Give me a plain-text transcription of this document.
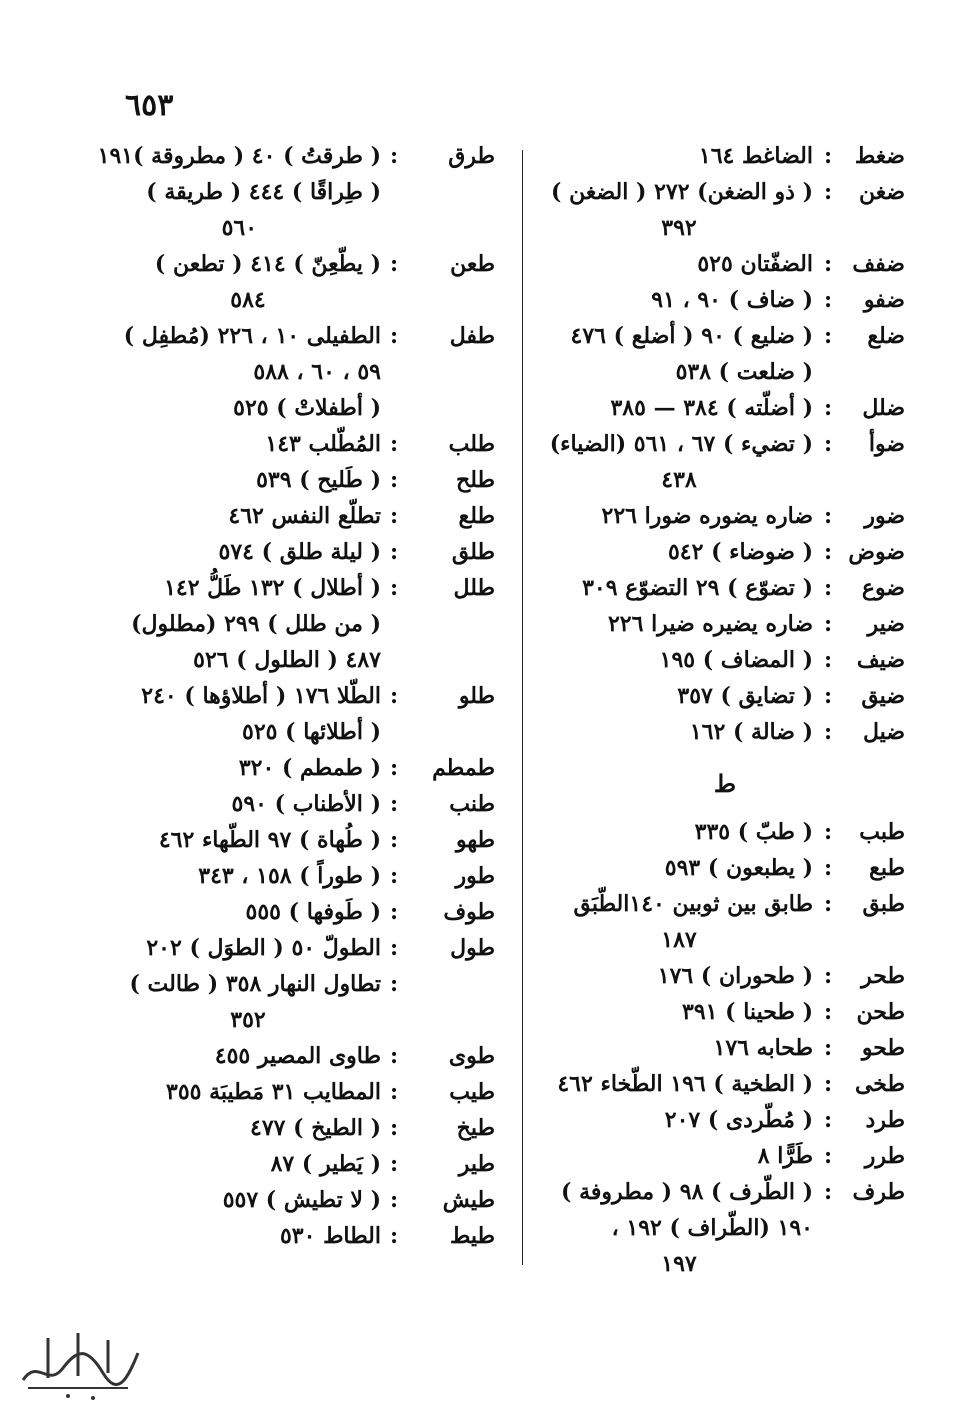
٦٥٣
ضغط
:
الضاغط ١٦٤
ضغن
:
( ذو الضغن) ٢٧٢ ( الضغن )
٣٩٢
ضفف
:
الضفّتان ٥٢٥
ضفو
:
( ضاف ) ٩٠ ، ٩١
ضلع
:
( ضليع ) ٩٠ ( أضلع ) ٤٧٦
( ضلعت ) ٥٣٨
ضلل
:
( أضلّته ) ٣٨٤ — ٣٨٥
ضوأ
:
( تضيء ) ٦٧ ، ٥٦١ (الضياء)
٤٣٨
ضور
:
ضاره يضوره ضورا ٢٢٦
ضوض
:
( ضوضاء ) ٥٤٢
ضوع
:
( تضوّع ) ٢٩ التضوّع ٣٠٩
ضير
:
ضاره يضيره ضيرا ٢٢٦
ضيف
:
( المضاف ) ١٩٥
ضيق
:
( تضايق ) ٣٥٧
ضيل
:
( ضالة ) ١٦٢
ط
طبب
:
( طبّ ) ٣٣٥
طبع
:
( يطبعون ) ٥٩٣
طبق
:
طابق بين ثوبين ١٤٠الطّبَق
١٨٧
طحر
:
( طحوران ) ١٧٦
طحن
:
( طحينا ) ٣٩١
طحو
:
طحابه ١٧٦
طخى
:
( الطخية ) ١٩٦ الطّخاء ٤٦٢
طرد
:
( مُطّردى ) ٢٠٧
طرر
:
طَرًّا ٨
طرف
:
( الطّرف ) ٩٨ ( مطروفة )
١٩٠ (الطّراف ) ١٩٢ ،
١٩٧
طرق
:
( طرقتُ ) ٤٠ ( مطروقة )١٩١
( طِراقًا ) ٤٤٤ ( طريقة )
٥٦٠
طعن
:
( يطّعِنّ ) ٤١٤ ( تطعن )
٥٨٤
طفل
:
الطفيلى ١٠ ، ٢٢٦ (مُطفِل )
٥٩ ، ٦٠ ، ٥٨٨
( أطفلاتْ ) ٥٢٥
طلب
:
المُطّلب ١٤٣
طلح
:
( طَليح ) ٥٣٩
طلع
:
تطلّع النفس ٤٦٢
طلق
:
( ليلة طلق ) ٥٧٤
طلل
:
( أطلال ) ١٣٢ طَلُّ ١٤٢
( من طلل ) ٢٩٩ (مطلول)
٤٨٧ ( الطلول ) ٥٢٦
طلو
:
الطّلا ١٧٦ ( أطلاؤها ) ٢٤٠
( أطلائها ) ٥٢٥
طمطم
:
( طمطم ) ٣٢٠
طنب
:
( الأطناب ) ٥٩٠
طهو
:
( طُهاة ) ٩٧ الطّهاء ٤٦٢
طور
:
( طوراً ) ١٥٨ ، ٣٤٣
طوف
:
( طَوفها ) ٥٥٥
طول
:
الطولّ ٥٠ ( الطوَل ) ٢٠٢
:
تطاول النهار ٣٥٨ ( طالت )
٣٥٢
طوى
:
طاوى المصير ٤٥٥
طيب
:
المطايب ٣١ مَطيبَة ٣٥٥
طيخ
:
( الطيخ ) ٤٧٧
طير
:
( يَطير ) ٨٧
طيش
:
( لا تطيش ) ٥٥٧
طيط
:
الطاط ٥٣٠
